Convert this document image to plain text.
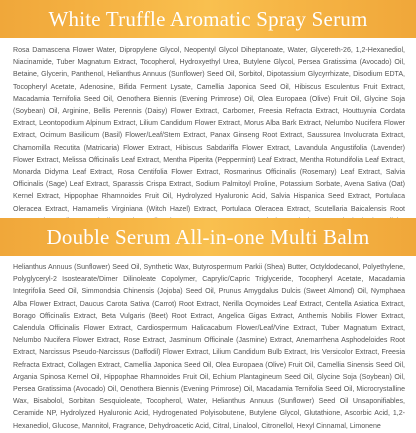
White Truffle Aromatic Spray Serum

Rosa Damascena Flower Water, Dipropylene Glycol, Neopentyl Glycol Diheptanoate, Water, Glycereth-26, 1,2-Hexanediol, Niacinamide, Tuber Magnatum Extract, Tocopherol, Hydroxyethyl Urea, Butylene Glycol, Persea Gratissima (Avocado) Oil, Betaine, Glycerin, Panthenol, Helianthus Annuus (Sunflower) Seed Oil, Sorbitol, Dipotassium Glycyrrhizate, Disodium EDTA, Tocopheryl Acetate, Adenosine, Bifida Ferment Lysate, Camellia Japonica Seed Oil, Hibiscus Esculentus Fruit Extract, Macadamia Ternifolia Seed Oil, Oenothera Biennis (Evening Primrose) Oil, Olea Europaea (Olive) Fruit Oil, Glycine Soja (Soybean) Oil, Arginine, Bellis Perennis (Daisy) Flower Extract, Carbomer, Freesia Refracta Extract, Houttuynia Cordata Extract, Leontopodium Alpinum Extract, Lilium Candidum Flower Extract, Morus Alba Bark Extract, Nelumbo Nucifera Flower Extract, Ocimum Basilicum (Basil) Flower/Leaf/Stem Extract, Panax Ginseng Root Extract, Saussurea Involucrata Extract, Chamomilla Recutita (Matricaria) Flower Extract, Hibiscus Sabdariffa Flower Extract, Lavandula Angustifolia (Lavender) Flower Extract, Melissa Officinalis Leaf Extract, Mentha Piperita (Peppermint) Leaf Extract, Mentha Rotundifolia Leaf Extract, Monarda Didyma Leaf Extract, Rosa Centifolia Flower Extract, Rosmarinus Officinalis (Rosemary) Leaf Extract, Salvia Officinalis (Sage) Leaf Extract, Sparassis Crispa Extract, Sodium Palmitoyl Proline, Potassium Sorbate, Avena Sativa (Oat) Kernel Extract, Hippophae Rhamnoides Fruit Oil, Hydrolyzed Hyaluronic Acid, Salvia Hispanica Seed Extract, Portulaca Oleracea Extract, Hamamelis Virginiana (Witch Hazel) Extract, Portulaca Oleracea Extract, Scutellaria Baicalensis Root

Double Serum All-in-one Multi Balm

Helianthus Annuus (Sunflower) Seed Oil, Synthetic Wax, Butyrospermum Parkii (Shea) Butter, Octyldodecanol, Polyethylene, Polyglyceryl-2 Isostearate/Dimer Dilinoleate Copolymer, Caprylic/Capric Triglyceride, Tocopheryl Acetate, Macadamia Integrifolia Seed Oil, Simmondsia Chinensis (Jojoba) Seed Oil, Prunus Amygdalus Dulcis (Sweet Almond) Oil, Nymphaea Alba Flower Extract, Daucus Carota Sativa (Carrot) Root Extract, Nerilla Ocymoides Leaf Extract, Centella Asiatica Extract, Borago Officinalis Extract, Beta Vulgaris (Beet) Root Extract, Angelica Gigas Extract, Anthemis Nobilis Flower Extract, Calendula Officinalis Flower Extract, Cardiospermum Halicacabum Flower/Leaf/Vine Extract, Tuber Magnatum Extract, Nelumbo Nucifera Flower Extract, Rose Extract, Jasminum Officinale (Jasmine) Extract, Anemarrhena Asphodeloides Root Extract, Narcissus Pseudo-Narcissus (Daffodil) Flower Extract, Lilium Candidum Bulb Extract, Iris Versicolor Extract, Freesia Refracta Extract, Collagen Extract, Camellia Japonica Seed Oil, Olea Europaea (Olive) Fruit Oil, Camellia Sinensis Seed Oil, Argania Spinosa Kernel Oil, Hippophae Rhamnoides Fruit Oil, Echium Plantagineum Seed Oil, Glycine Soja (Soybean) Oil, Persea Gratissima (Avocado) Oil, Oenothera Biennis (Evening Primrose) Oil, Macadamia Ternifolia Seed Oil, Microcrystalline Wax, Bisabolol, Sorbitan Sesquioleate, Tocopherol, Water, Helianthus Annuus (Sunflower) Seed Oil Unsaponifiables, Ceramide NP, Hydrolyzed Hyaluronic Acid, Hydrogenated Polyisobutene, Butylene Glycol, Glutathione, Ascorbic Acid, 1,2-Hexanediol, Glucose, Mannitol, Fragrance, Dehydroacetic Acid, Citral, Linalool, Citronellol, Hexyl Cinnamal, Limonene
